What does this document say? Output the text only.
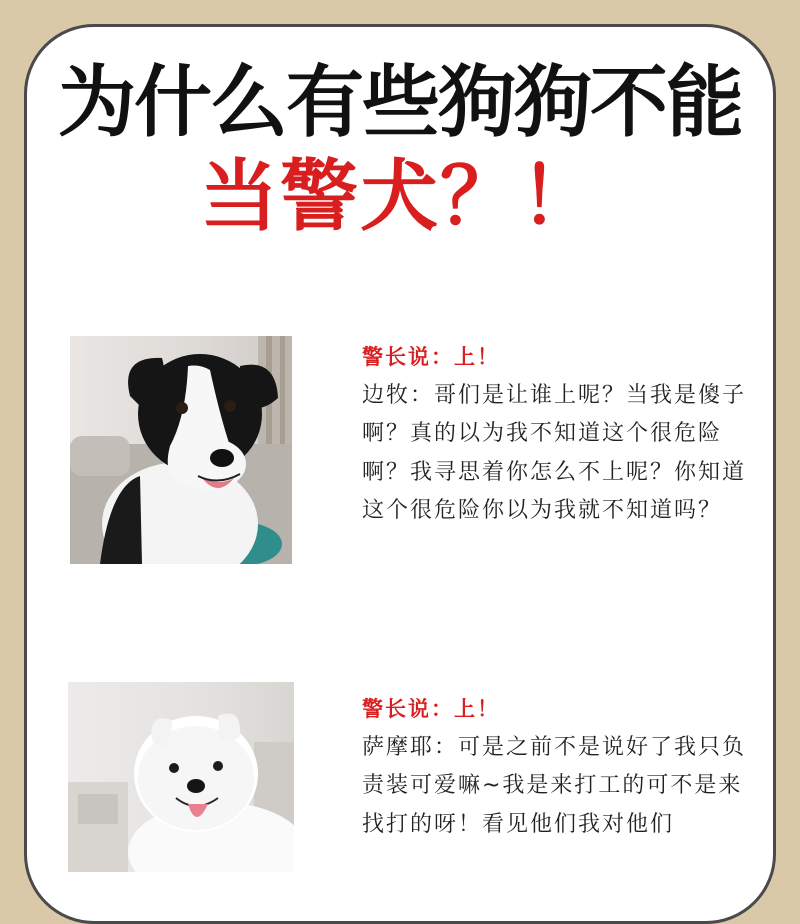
为什么有些狗狗不能
当警犬？！
警长说：上！
边牧：哥们是让谁上呢？当我是傻子啊？真的以为我不知道这个很危险啊？我寻思着你怎么不上呢？你知道这个很危险你以为我就不知道吗？
警长说：上！
萨摩耶：可是之前不是说好了我只负责装可爱嘛~我是来打工的可不是来找打的呀！看见他们我对他们
